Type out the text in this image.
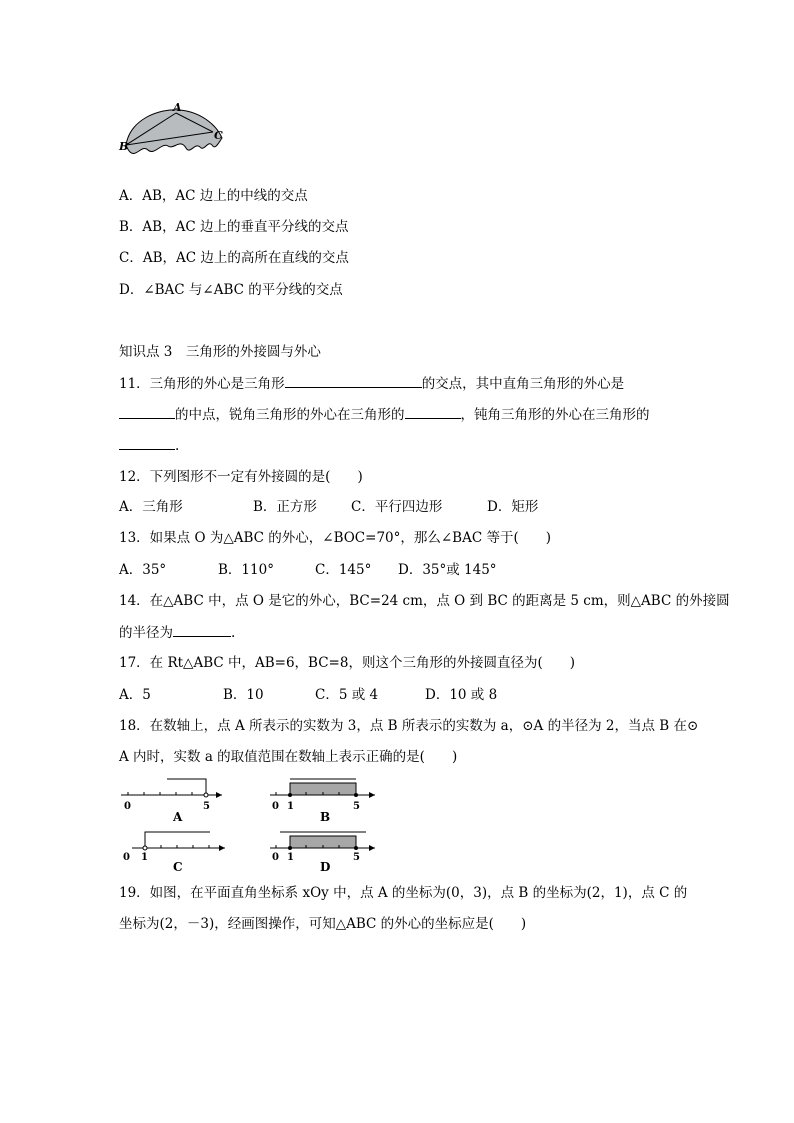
A
B
C
A．AB，AC 边上的中线的交点
B．AB，AC 边上的垂直平分线的交点
C．AB，AC 边上的高所在直线的交点
D．∠BAC 与∠ABC 的平分线的交点
知识点 3　三角形的外接圆与外心
11．三角形的外心是三角形	的交点，其中直角三角形的外心是
的中点，锐角三角形的外心在三角形的	，钝角三角形的外心在三角形的
.
12．下列图形不一定有外接圆的是(　　)
A．三角形	B．正方形	C．平行四边形	D．矩形
13．如果点 O 为△ABC 的外心，∠BOC=70°，那么∠BAC 等于(　　)
A．35°	B．110°	C．145° D．35°或 145°
14．在△ABC 中，点 O 是它的外心，BC=24 cm，点 O 到 BC 的距离是 5 cm，则△ABC 的外接圆
的半径为	.
17．在 Rt△ABC 中，AB=6，BC=8，则这个三角形的外接圆直径为(　　)
A．5	B．10	C．5 或 4	D．10 或 8
18．在数轴上，点 A 所表示的实数为 3，点 B 所表示的实数为 a，⊙A 的半径为 2，当点 B 在⊙
A 内时，实数 a 的取值范围在数轴上表示正确的是(　　)
0	5
A
0 1	5
B
0 1
C
0 1	5
D
19．如图，在平面直角坐标系 xOy 中，点 A 的坐标为(0，3)，点 B 的坐标为(2，1)，点 C 的
坐标为(2，－3)，经画图操作，可知△ABC 的外心的坐标应是(　　)
